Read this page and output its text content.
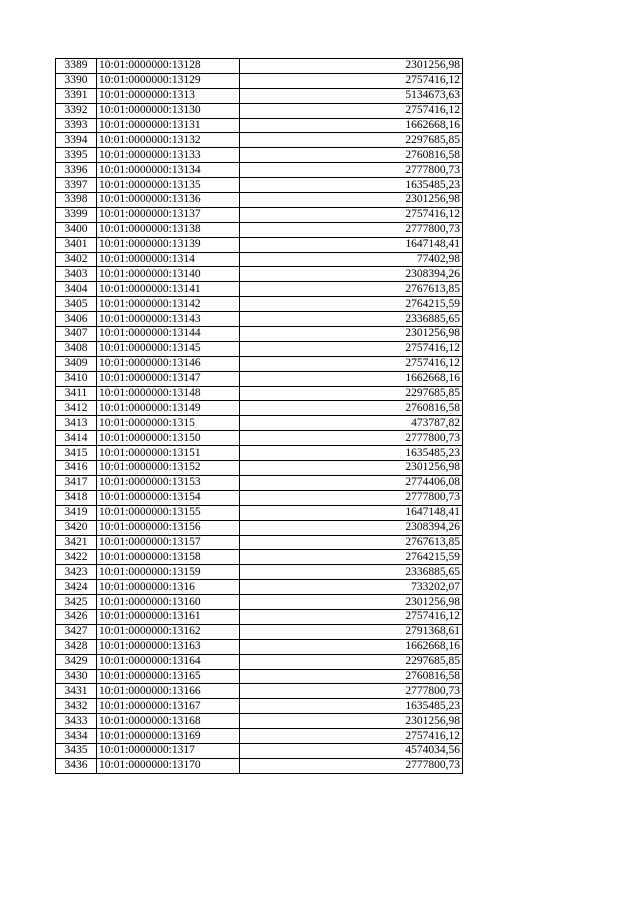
3389	10:01:0000000:13128	2301256,98
3390	10:01:0000000:13129	2757416,12
3391	10:01:0000000:1313	5134673,63
3392	10:01:0000000:13130	2757416,12
3393	10:01:0000000:13131	1662668,16
3394	10:01:0000000:13132	2297685,85
3395	10:01:0000000:13133	2760816,58
3396	10:01:0000000:13134	2777800,73
3397	10:01:0000000:13135	1635485,23
3398	10:01:0000000:13136	2301256,98
3399	10:01:0000000:13137	2757416,12
3400	10:01:0000000:13138	2777800,73
3401	10:01:0000000:13139	1647148,41
3402	10:01:0000000:1314	77402,98
3403	10:01:0000000:13140	2308394,26
3404	10:01:0000000:13141	2767613,85
3405	10:01:0000000:13142	2764215,59
3406	10:01:0000000:13143	2336885,65
3407	10:01:0000000:13144	2301256,98
3408	10:01:0000000:13145	2757416,12
3409	10:01:0000000:13146	2757416,12
3410	10:01:0000000:13147	1662668,16
3411	10:01:0000000:13148	2297685,85
3412	10:01:0000000:13149	2760816,58
3413	10:01:0000000:1315	473787,82
3414	10:01:0000000:13150	2777800,73
3415	10:01:0000000:13151	1635485,23
3416	10:01:0000000:13152	2301256,98
3417	10:01:0000000:13153	2774406,08
3418	10:01:0000000:13154	2777800,73
3419	10:01:0000000:13155	1647148,41
3420	10:01:0000000:13156	2308394,26
3421	10:01:0000000:13157	2767613,85
3422	10:01:0000000:13158	2764215,59
3423	10:01:0000000:13159	2336885,65
3424	10:01:0000000:1316	733202,07
3425	10:01:0000000:13160	2301256,98
3426	10:01:0000000:13161	2757416,12
3427	10:01:0000000:13162	2791368,61
3428	10:01:0000000:13163	1662668,16
3429	10:01:0000000:13164	2297685,85
3430	10:01:0000000:13165	2760816,58
3431	10:01:0000000:13166	2777800,73
3432	10:01:0000000:13167	1635485,23
3433	10:01:0000000:13168	2301256,98
3434	10:01:0000000:13169	2757416,12
3435	10:01:0000000:1317	4574034,56
3436	10:01:0000000:13170	2777800,73
